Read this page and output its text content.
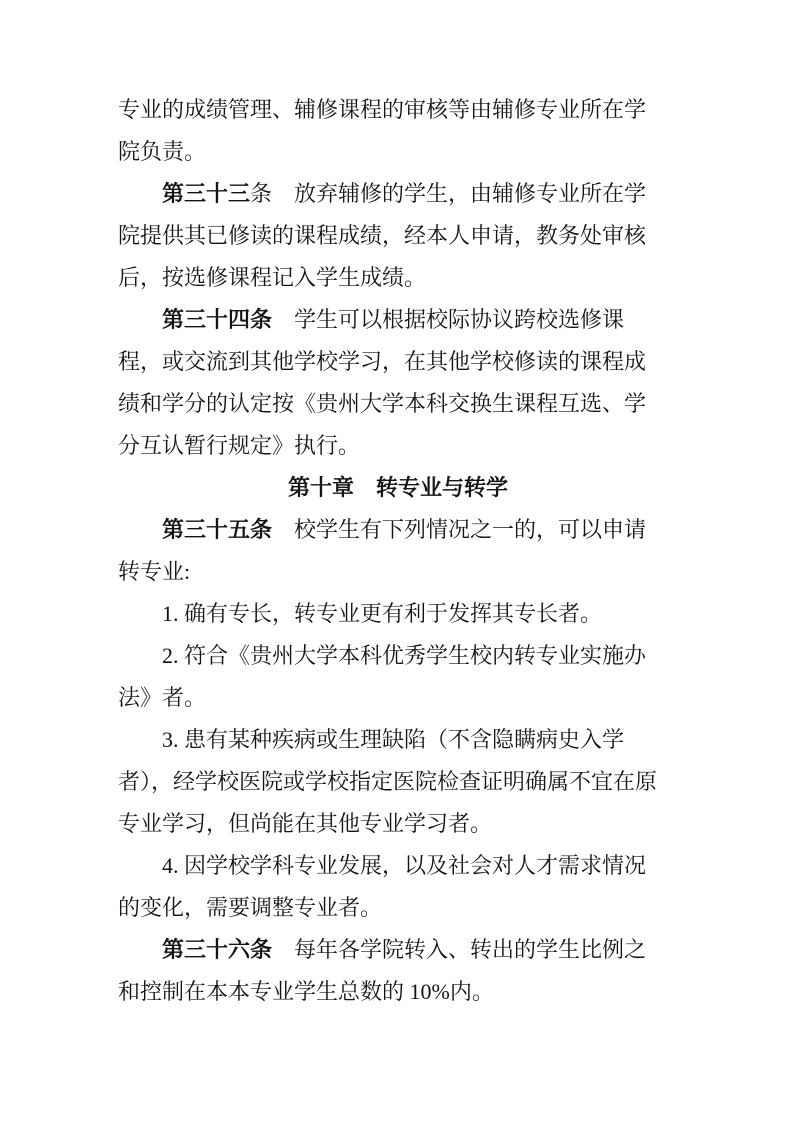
专业的成绩管理、辅修课程的审核等由辅修专业所在学
院负责。
第三十三条　放弃辅修的学生，由辅修专业所在学
院提供其已修读的课程成绩，经本人申请，教务处审核
后，按选修课程记入学生成绩。
第三十四条　学生可以根据校际协议跨校选修课
程，或交流到其他学校学习，在其他学校修读的课程成
绩和学分的认定按《贵州大学本科交换生课程互选、学
分互认暂行规定》执行。
第十章　转专业与转学
第三十五条　校学生有下列情况之一的，可以申请
转专业:
1. 确有专长，转专业更有利于发挥其专长者。
2. 符合《贵州大学本科优秀学生校内转专业实施办
法》者。
3. 患有某种疾病或生理缺陷（不含隐瞒病史入学
者），经学校医院或学校指定医院检查证明确属不宜在原
专业学习，但尚能在其他专业学习者。
4. 因学校学科专业发展，以及社会对人才需求情况
的变化，需要调整专业者。
第三十六条　每年各学院转入、转出的学生比例之
和控制在本本专业学生总数的 10%内。
